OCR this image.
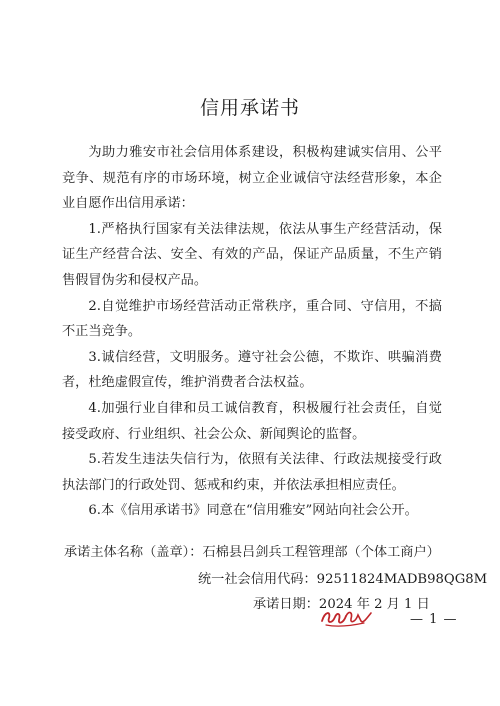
信用承诺书

为助力雅安市社会信用体系建设，积极构建诚实信用、公平竞争、规范有序的市场环境，树立企业诚信守法经营形象，本企业自愿作出信用承诺：

1.严格执行国家有关法律法规，依法从事生产经营活动，保证生产经营合法、安全、有效的产品，保证产品质量，不生产销售假冒伪劣和侵权产品。

2.自觉维护市场经营活动正常秩序，重合同、守信用，不搞不正当竞争。

3.诚信经营，文明服务。遵守社会公德，不欺诈、哄骗消费者，杜绝虚假宣传，维护消费者合法权益。

4.加强行业自律和员工诚信教育，积极履行社会责任，自觉接受政府、行业组织、社会公众、新闻舆论的监督。

5.若发生违法失信行为，依照有关法律、行政法规接受行政执法部门的行政处罚、惩戒和约束，并依法承担相应责任。

6.本《信用承诺书》同意在“信用雅安”网站向社会公开。

承诺主体名称（盖章）：石棉县吕剑兵工程管理部（个体工商户）
统一社会信用代码：92511824MADB98QG8M
承诺日期：2024 年 2 月 1 日
— 1 —
